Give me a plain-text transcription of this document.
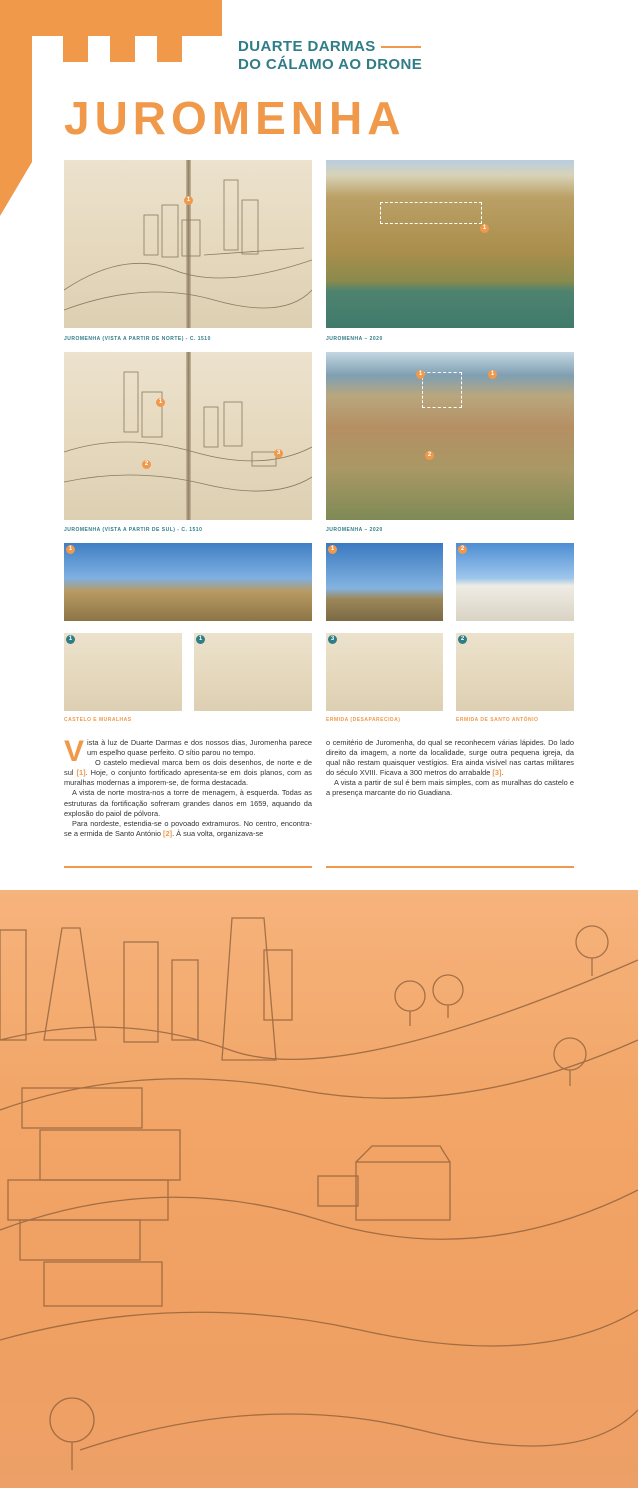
DUARTE DARMAS
DO CÁLAMO AO DRONE
JUROMENHA
1
1
JUROMENHA (VISTA A PARTIR DE NORTE) - C. 1510	JUROMENHA – 2020
1
2
3
1	1
2
JUROMENHA (VISTA A PARTIR DE SUL) - C. 1510	JUROMENHA – 2020
1	1	2
1	1	3	2
CASTELO E MURALHAS	ERMIDA (DESAPARECIDA)	ERMIDA DE SANTO ANTÓNIO

Vista à luz de Duarte Darmas e dos nossos dias, Juromenha parece um espelho quase perfeito. O sítio parou no tempo.

O castelo medieval marca bem os dois desenhos, de norte e de sul [1]. Hoje, o conjunto fortificado apresenta-se em dois planos, com as muralhas modernas a imporem-se, de forma destacada.

A vista de norte mostra-nos a torre de menagem, à esquerda. Todas as estruturas da fortificação sofreram grandes danos em 1659, aquando da explosão do paiol de pólvora.

Para nordeste, estendia-se o povoado extramuros. No centro, encontra-se a ermida de Santo António [2]. À sua volta, organizava-se

o cemitério de Juromenha, do qual se reconhecem várias lápides. Do lado direito da imagem, a norte da localidade, surge outra pequena igreja, da qual não restam quaisquer vestígios. Era ainda visível nas cartas militares do século XVIII. Ficava a 300 metros do arrabalde [3].

A vista a partir de sul é bem mais simples, com as muralhas do castelo e a presença marcante do rio Guadiana.
